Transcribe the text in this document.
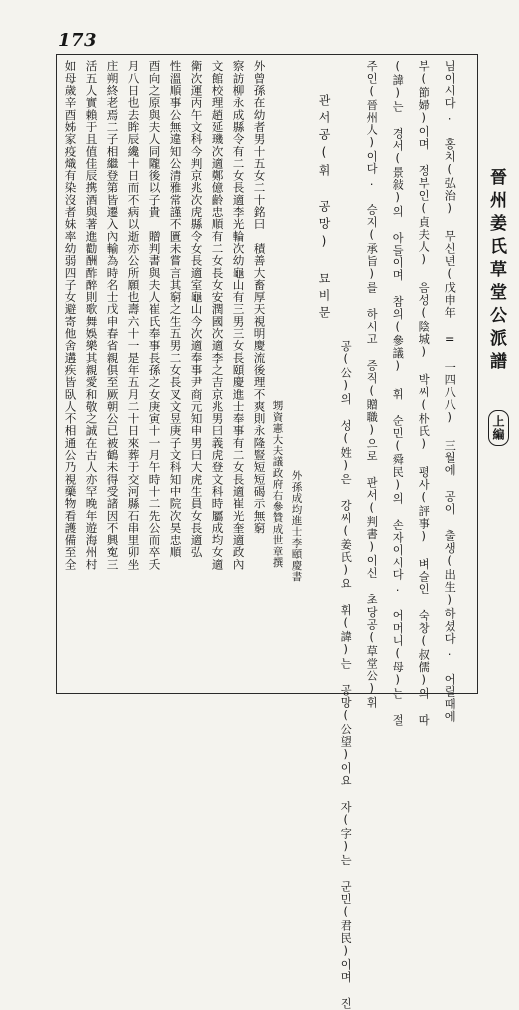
173
如母歲辛酉姊家疫熾有染沒者妹率幼弱四子女避寄他舍遘疾皆臥人不相通公乃視藥物看護備至全 活五人實賴于且值佳辰携酒與著進勸酬酢醉則歌舞娛樂其親愛和敬之誠在古人亦罕晚年遊海州村 庄朔終老焉二子相繼登第皆遷入內輸為時名士戊申春省親俱至厥朝公已被鶴未得受諸因不興寃三 月八日也去眸辰纔十日而不病以逝亦公所願也壽六十一是年五月二十日來葬于交河縣石串里卯坐 酉向之原與夫人同隴後以子貴　贈判書與夫人崔氏奉事長孫之女庚寅十一月午時十二先公而卒夭 性溫順事公無違知公清雅常謹不匱未嘗言其窮之生五男二女長叉文昱庚子文科知中院次昊忠順 衛次運丙午文科今判京兆次虎縣令女長適室龜山今次適奉事尹商元知申男曰大虎生員女長適弘 文館校理趙延璣次適鄭億齡忠順有二女長女安潤國次適李之吉京兆男曰義虎登文科時屬成均女適 察訪柳永成縣令有二女長適李光輪次幼龜山有三男三女長頤慶進士奉事有二女長適崔光奎適政內 外曾孫在幼者男十五女二十銘曰　積善大畜厚天視明慶流後理不爽則永隆豎短短碣示無窮 甥資憲大夫議政府右參贊成世章撰 外孫成均進士李頤慶書
관서공(휘 공망) 묘비문
공(公)의 성(姓)은 강씨(姜氏)요 휘(諱)는 공망(公望)이요 자(字)는 군민(君民)이며 진 주인(晉州人)이다. 승지(承旨)를 하시고 증직(贈職)으로 판서(判書)이신 초당공(草堂公)휘 (諱)는 경서(景敍)의 아들이며 참의(參議) 휘 순민(舜民)의 손자이시다. 어머니(母)는 절 부(節婦)이며 정부인(貞夫人) 음성(陰城) 박씨(朴氏) 평사(評事) 벼슬인 숙창(叔儒)의 따 님이시다. 홍치(弘治) 무신년(戊申年 = 一四八八) 三월에 공이 출생(出生)하셨다. 어릴때에 晉州姜氏草堂公派譜
上編
